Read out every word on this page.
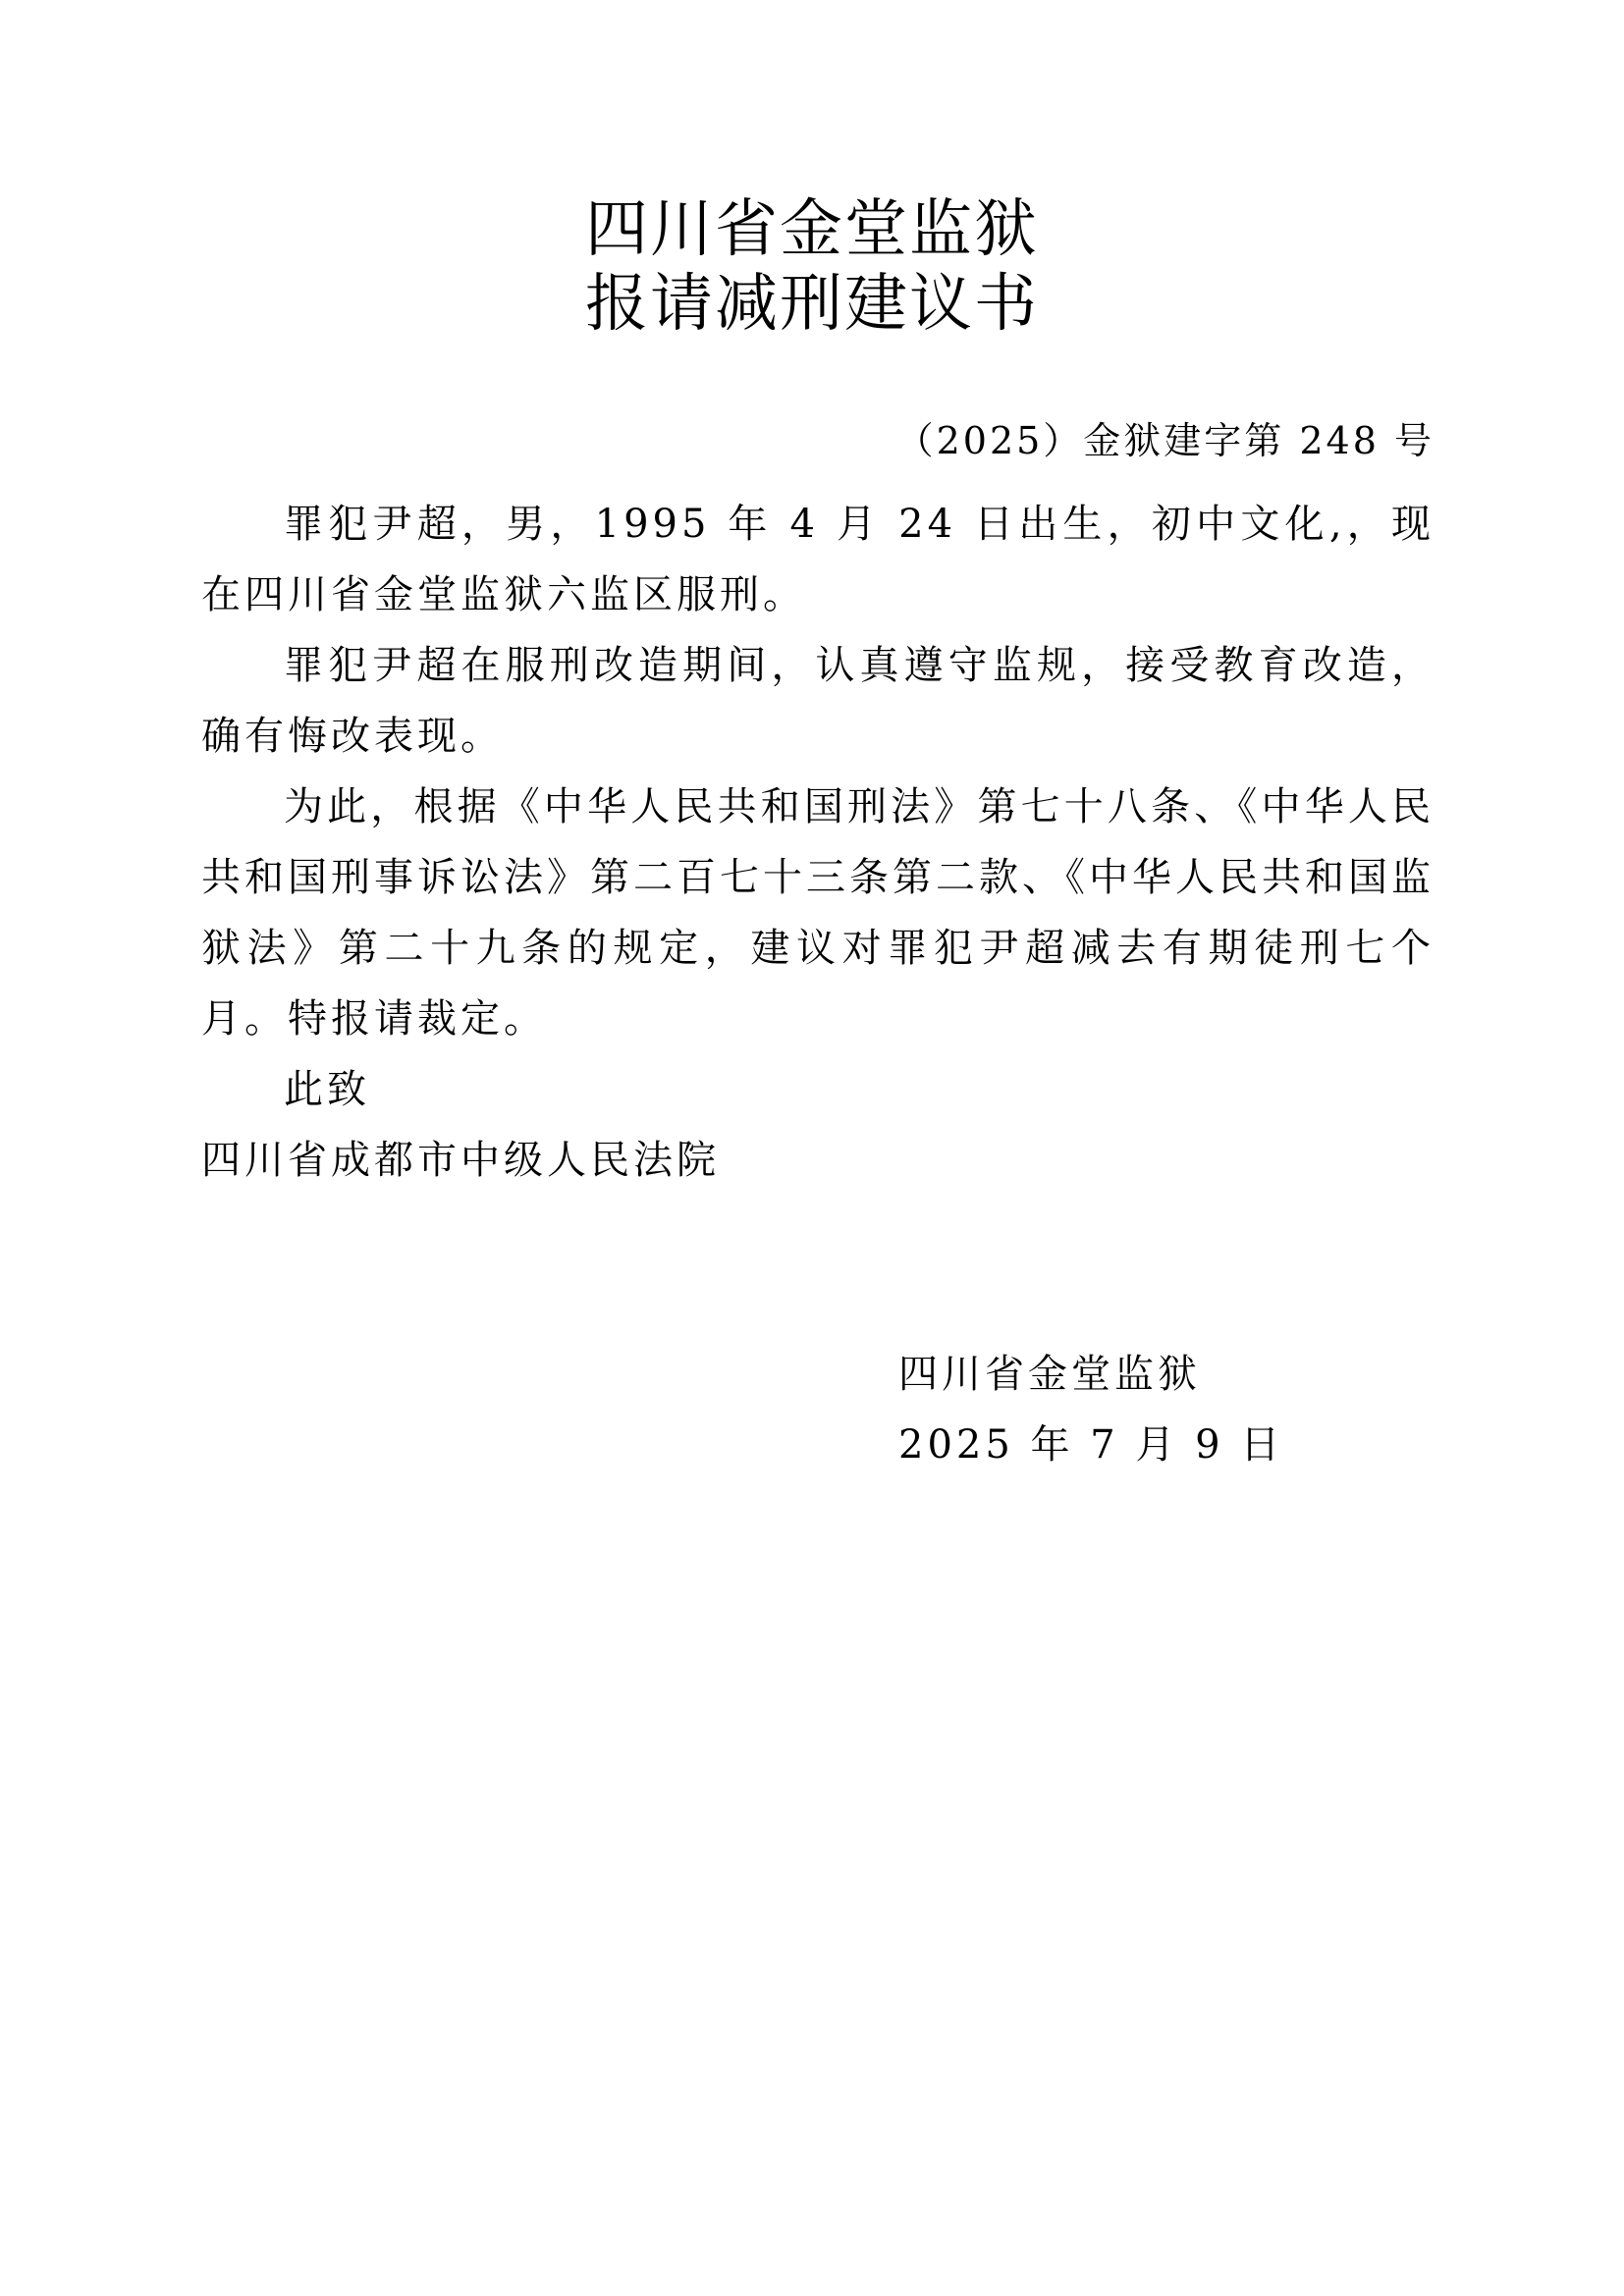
四川省金堂监狱
报请减刑建议书
（2025）金狱建字第 248 号

罪犯尹超，男，1995 年 4 月 24 日出生，初中文化,，现在四川省金堂监狱六监区服刑。

罪犯尹超在服刑改造期间，认真遵守监规，接受教育改造，确有悔改表现。

为此，根据《中华人民共和国刑法》第七十八条、《中华人民共和国刑事诉讼法》第二百七十三条第二款、《中华人民共和国监狱法》第二十九条的规定，建议对罪犯尹超减去有期徒刑七个月。特报请裁定。

此致
四川省成都市中级人民法院
四川省金堂监狱
2025 年 7 月 9 日
